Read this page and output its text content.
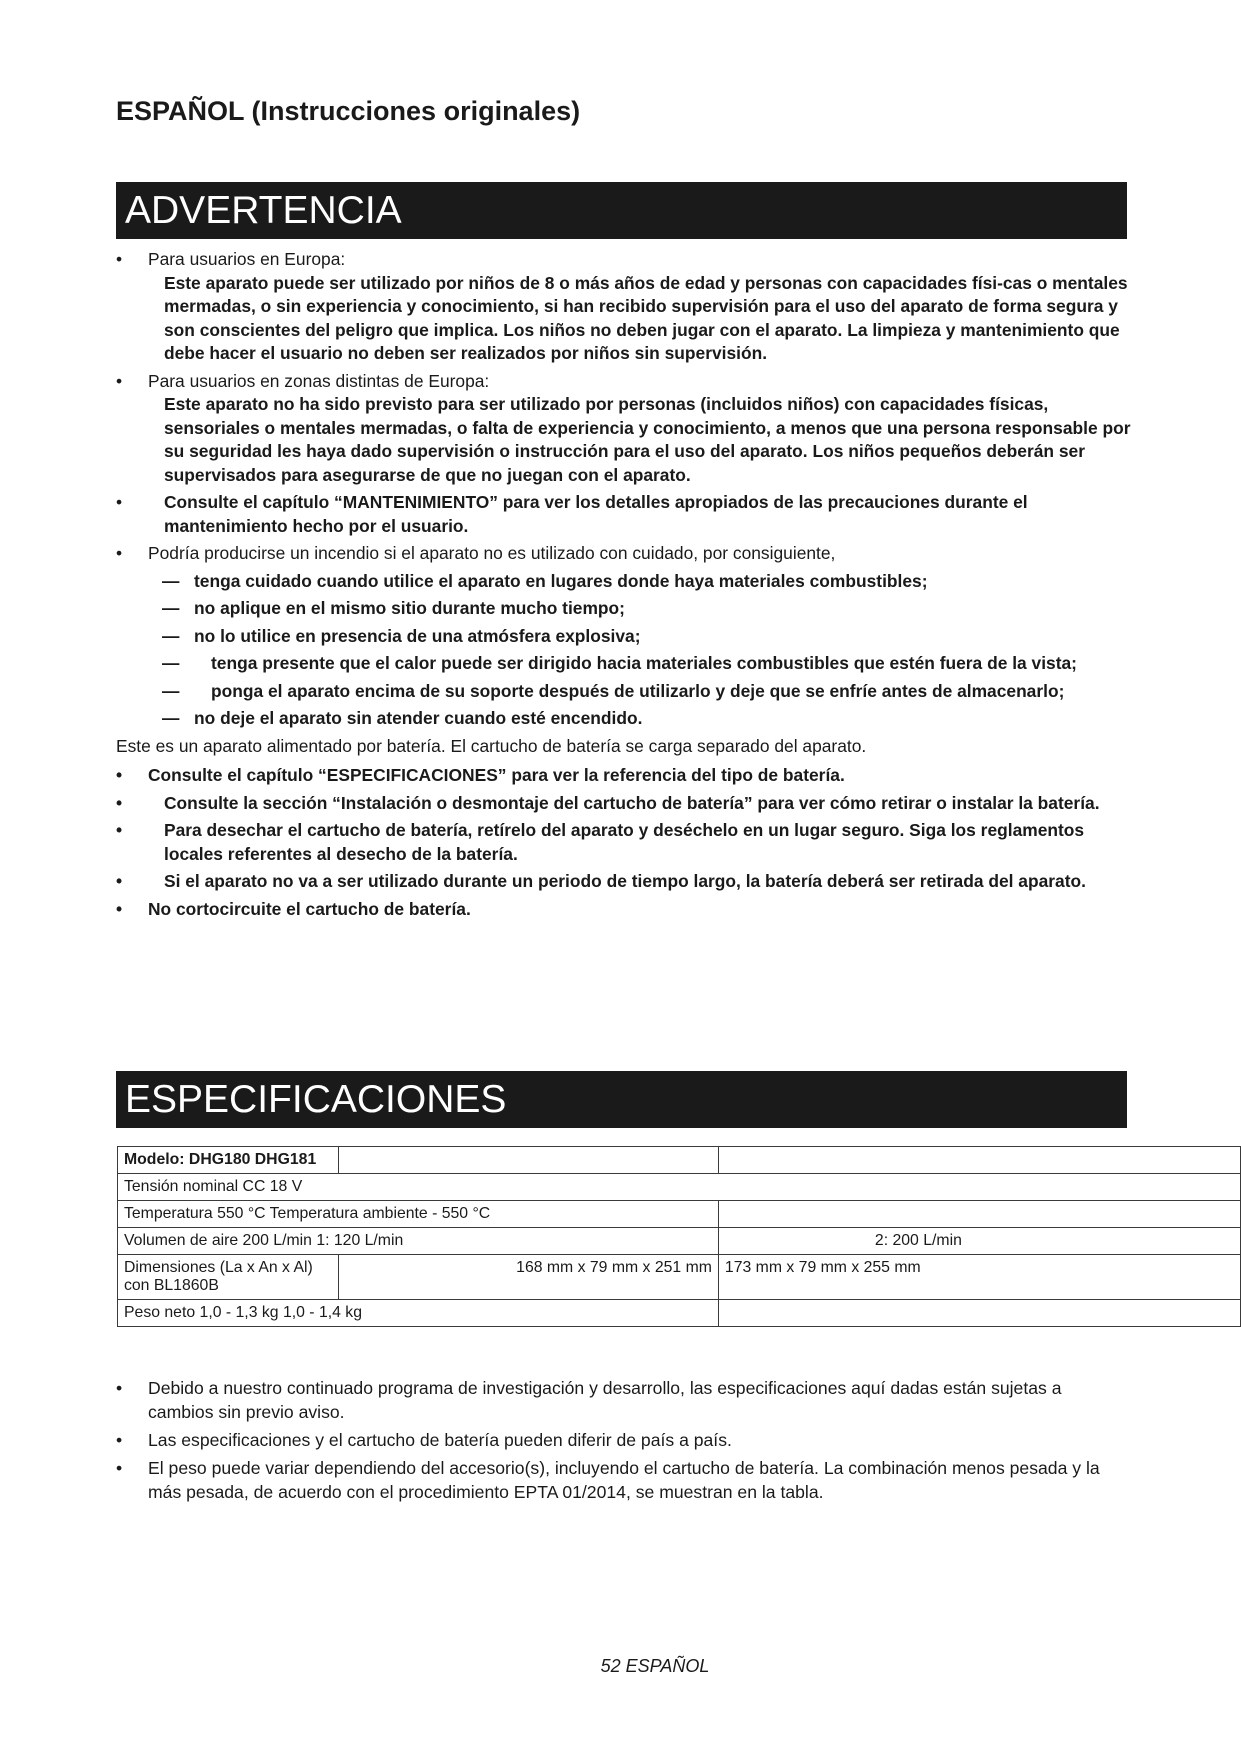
ESPAÑOL (Instrucciones originales)
ADVERTENCIA
• Para usuarios en Europa:
Este aparato puede ser utilizado por niños de 8 o más años de edad y personas con capacidades físi-cas o mentales mermadas, o sin experiencia y conocimiento, si han recibido supervisión para el uso del aparato de forma segura y son conscientes del peligro que implica. Los niños no deben jugar con el aparato. La limpieza y mantenimiento que debe hacer el usuario no deben ser realizados por niños sin supervisión.
• Para usuarios en zonas distintas de Europa:
Este aparato no ha sido previsto para ser utilizado por personas (incluidos niños) con capacidades físicas, sensoriales o mentales mermadas, o falta de experiencia y conocimiento, a menos que una persona responsable por su seguridad les haya dado supervisión o instrucción para el uso del aparato. Los niños pequeños deberán ser supervisados para asegurarse de que no juegan con el aparato.
• Consulte el capítulo “MANTENIMIENTO” para ver los detalles apropiados de las precauciones durante el mantenimiento hecho por el usuario.
• Podría producirse un incendio si el aparato no es utilizado con cuidado, por consiguiente,
— tenga cuidado cuando utilice el aparato en lugares donde haya materiales combustibles;
— no aplique en el mismo sitio durante mucho tiempo;
— no lo utilice en presencia de una atmósfera explosiva;
— tenga presente que el calor puede ser dirigido hacia materiales combustibles que estén fuera de la vista;
— ponga el aparato encima de su soporte después de utilizarlo y deje que se enfríe antes de almacenarlo;
— no deje el aparato sin atender cuando esté encendido.
Este es un aparato alimentado por batería. El cartucho de batería se carga separado del aparato.
• Consulte el capítulo “ESPECIFICACIONES” para ver la referencia del tipo de batería.
• Consulte la sección “Instalación o desmontaje del cartucho de batería” para ver cómo retirar o instalar la batería.
• Para desechar el cartucho de batería, retírelo del aparato y deséchelo en un lugar seguro. Siga los reglamentos locales referentes al desecho de la batería.
• Si el aparato no va a ser utilizado durante un periodo de tiempo largo, la batería deberá ser retirada del aparato.
• No cortocircuite el cartucho de batería.
ESPECIFICACIONES
Modelo: DHG180 DHG181		
Tensión nominal CC 18 V		
Temperatura 550 °C Temperatura ambiente - 550 °C		
Volumen de aire 200 L/min 1: 120 L/min		2: 200 L/min
Dimensiones (La x An x Al) con BL1860B	168 mm x 79 mm x 251 mm	173 mm x 79 mm x 255 mm
Peso neto 1,0 - 1,3 kg 1,0 - 1,4 kg		
• Debido a nuestro continuado programa de investigación y desarrollo, las especificaciones aquí dadas están sujetas a cambios sin previo aviso.
• Las especificaciones y el cartucho de batería pueden diferir de país a país.
• El peso puede variar dependiendo del accesorio(s), incluyendo el cartucho de batería. La combinación menos pesada y la más pesada, de acuerdo con el procedimiento EPTA 01/2014, se muestran en la tabla.
52 ESPAÑOL
